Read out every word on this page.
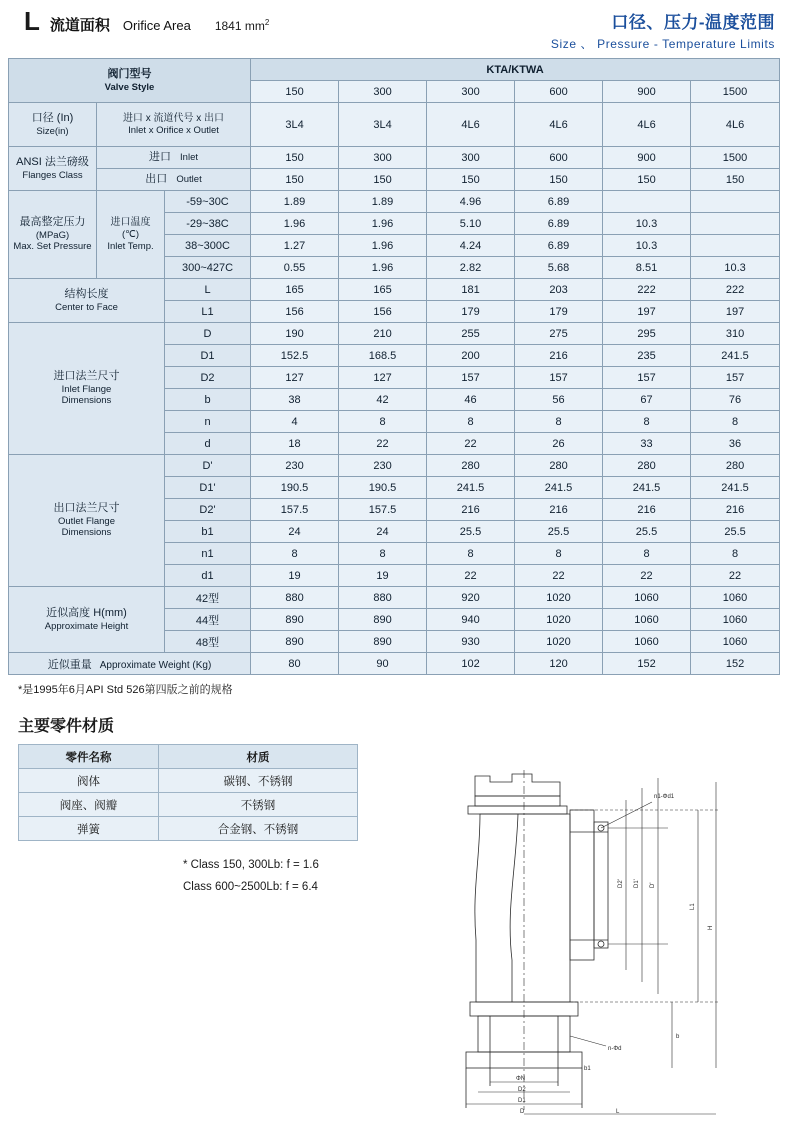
L 流道面积 Orifice Area 1841 $mm^2$	口径、压力-温度范围
Size 、 Pressure - Temperature Limits
阀门型号
Valve Style			KTA/KTWA					
			150	300	300	600	900	1500

口径 (In)
Size(in)	进口 x 流道代号 x 出口
Inlet x Orifice x Outlet		3L4	3L4	4L6	4L6	4L6	4L6

ANSI 法兰磅级
Flanges Class	进口 Inlet		150	300	300	600	900	1500
	出口 Outlet		150	150	150	150	150	150

最高整定压力
(MPaG)
Max. Set Pressure	进口温度
(℃)
Inlet Temp.	-59~30C	1.89	1.89	4.96	6.89		
		-29~38C	1.96	1.96	5.10	6.89	10.3	
		38~300C	1.27	1.96	4.24	6.89	10.3	
		300~427C	0.55	1.96	2.82	5.68	8.51	10.3

结构长度
Center to Face		L	165	165	181	203	222	222
		L1	156	156	179	179	197	197

进口法兰尺寸
Inlet Flange
Dimensions		D	190	210	255	275	295	310
		D1	152.5	168.5	200	216	235	241.5
		D2	127	127	157	157	157	157
		b	38	42	46	56	67	76
		n	4	8	8	8	8	8
		d	18	22	22	26	33	36

出口法兰尺寸
Outlet Flange
Dimensions		D'	230	230	280	280	280	280
		D1'	190.5	190.5	241.5	241.5	241.5	241.5
		D2'	157.5	157.5	216	216	216	216
		b1	24	24	25.5	25.5	25.5	25.5
		n1	8	8	8	8	8	8
		d1	19	19	22	22	22	22

近似高度 H(mm)
Approximate Height		42型	880	880	920	1020	1060	1060
		44型	890	890	940	1020	1060	1060
		48型	890	890	930	1020	1060	1060
近似重量 Approximate Weight (Kg)			80	90	102	120	152	152
*是1995年6月API Std 526第四版之前的规格
主要零件材质
零件名称	材质
阀体	碳钢、不锈钢
阀座、阀瓣	不锈钢
弹簧	合金钢、不锈钢
* Class 150, 300Lb: f = 1.6
Class 600~2500Lb: f = 6.4
n1-Φd1
D2' D1' D'
L1
H
n-Φd
ΦN
D2
D1
D	L
b
b1
